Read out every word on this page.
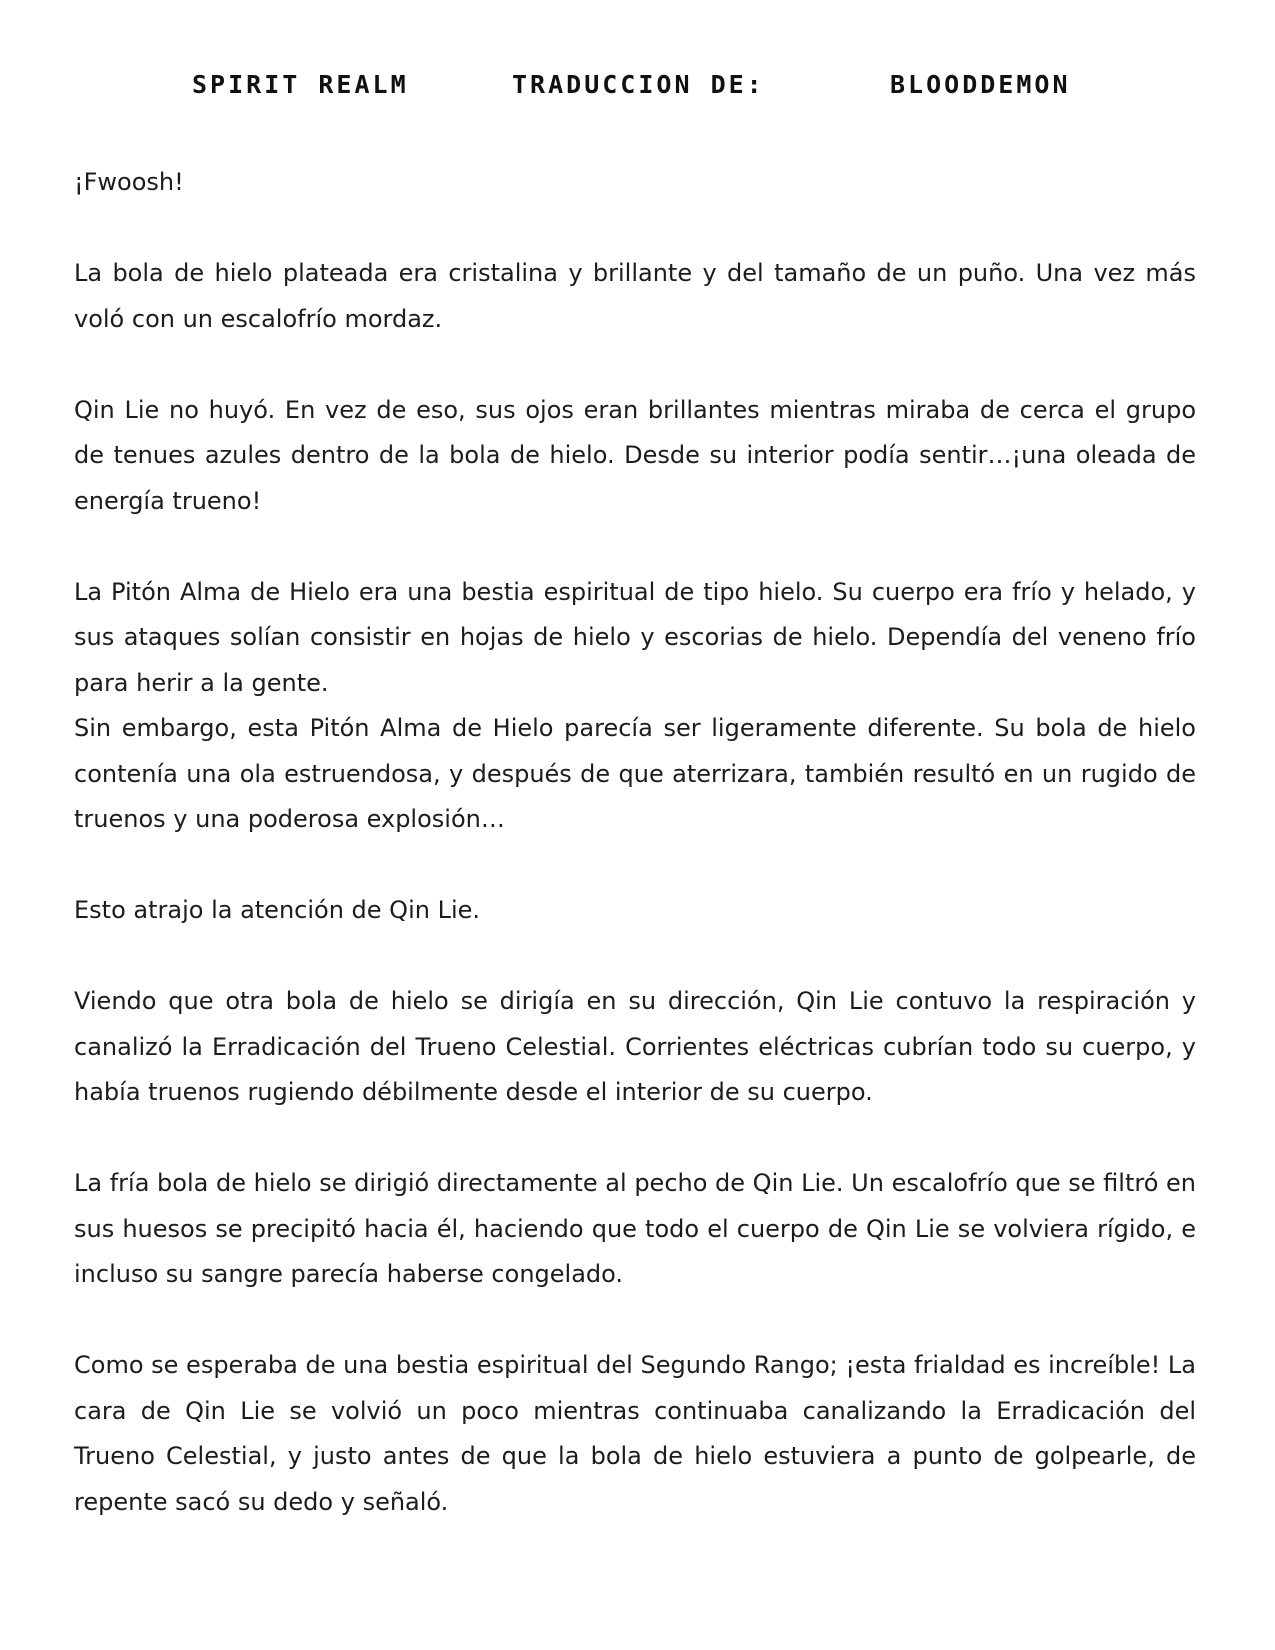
SPIRIT REALM	TRADUCCION DE:	BLOODDEMON

¡Fwoosh!

La bola de hielo plateada era cristalina y brillante y del tamaño de un puño. Una vez más voló con un escalofrío mordaz.

Qin Lie no huyó. En vez de eso, sus ojos eran brillantes mientras miraba de cerca el grupo de tenues azules dentro de la bola de hielo. Desde su interior podía sentir…¡una oleada de energía trueno!

La Pitón Alma de Hielo era una bestia espiritual de tipo hielo. Su cuerpo era frío y helado, y sus ataques solían consistir en hojas de hielo y escorias de hielo. Dependía del veneno frío para herir a la gente.

Sin embargo, esta Pitón Alma de Hielo parecía ser ligeramente diferente. Su bola de hielo contenía una ola estruendosa, y después de que aterrizara, también resultó en un rugido de truenos y una poderosa explosión…

Esto atrajo la atención de Qin Lie.

Viendo que otra bola de hielo se dirigía en su dirección, Qin Lie contuvo la respiración y canalizó la Erradicación del Trueno Celestial. Corrientes eléctricas cubrían todo su cuerpo, y había truenos rugiendo débilmente desde el interior de su cuerpo.

La fría bola de hielo se dirigió directamente al pecho de Qin Lie. Un escalofrío que se filtró en sus huesos se precipitó hacia él, haciendo que todo el cuerpo de Qin Lie se volviera rígido, e incluso su sangre parecía haberse congelado.

Como se esperaba de una bestia espiritual del Segundo Rango; ¡esta frialdad es increíble! La cara de Qin Lie se volvió un poco mientras continuaba canalizando la Erradicación del Trueno Celestial, y justo antes de que la bola de hielo estuviera a punto de golpearle, de repente sacó su dedo y señaló.
